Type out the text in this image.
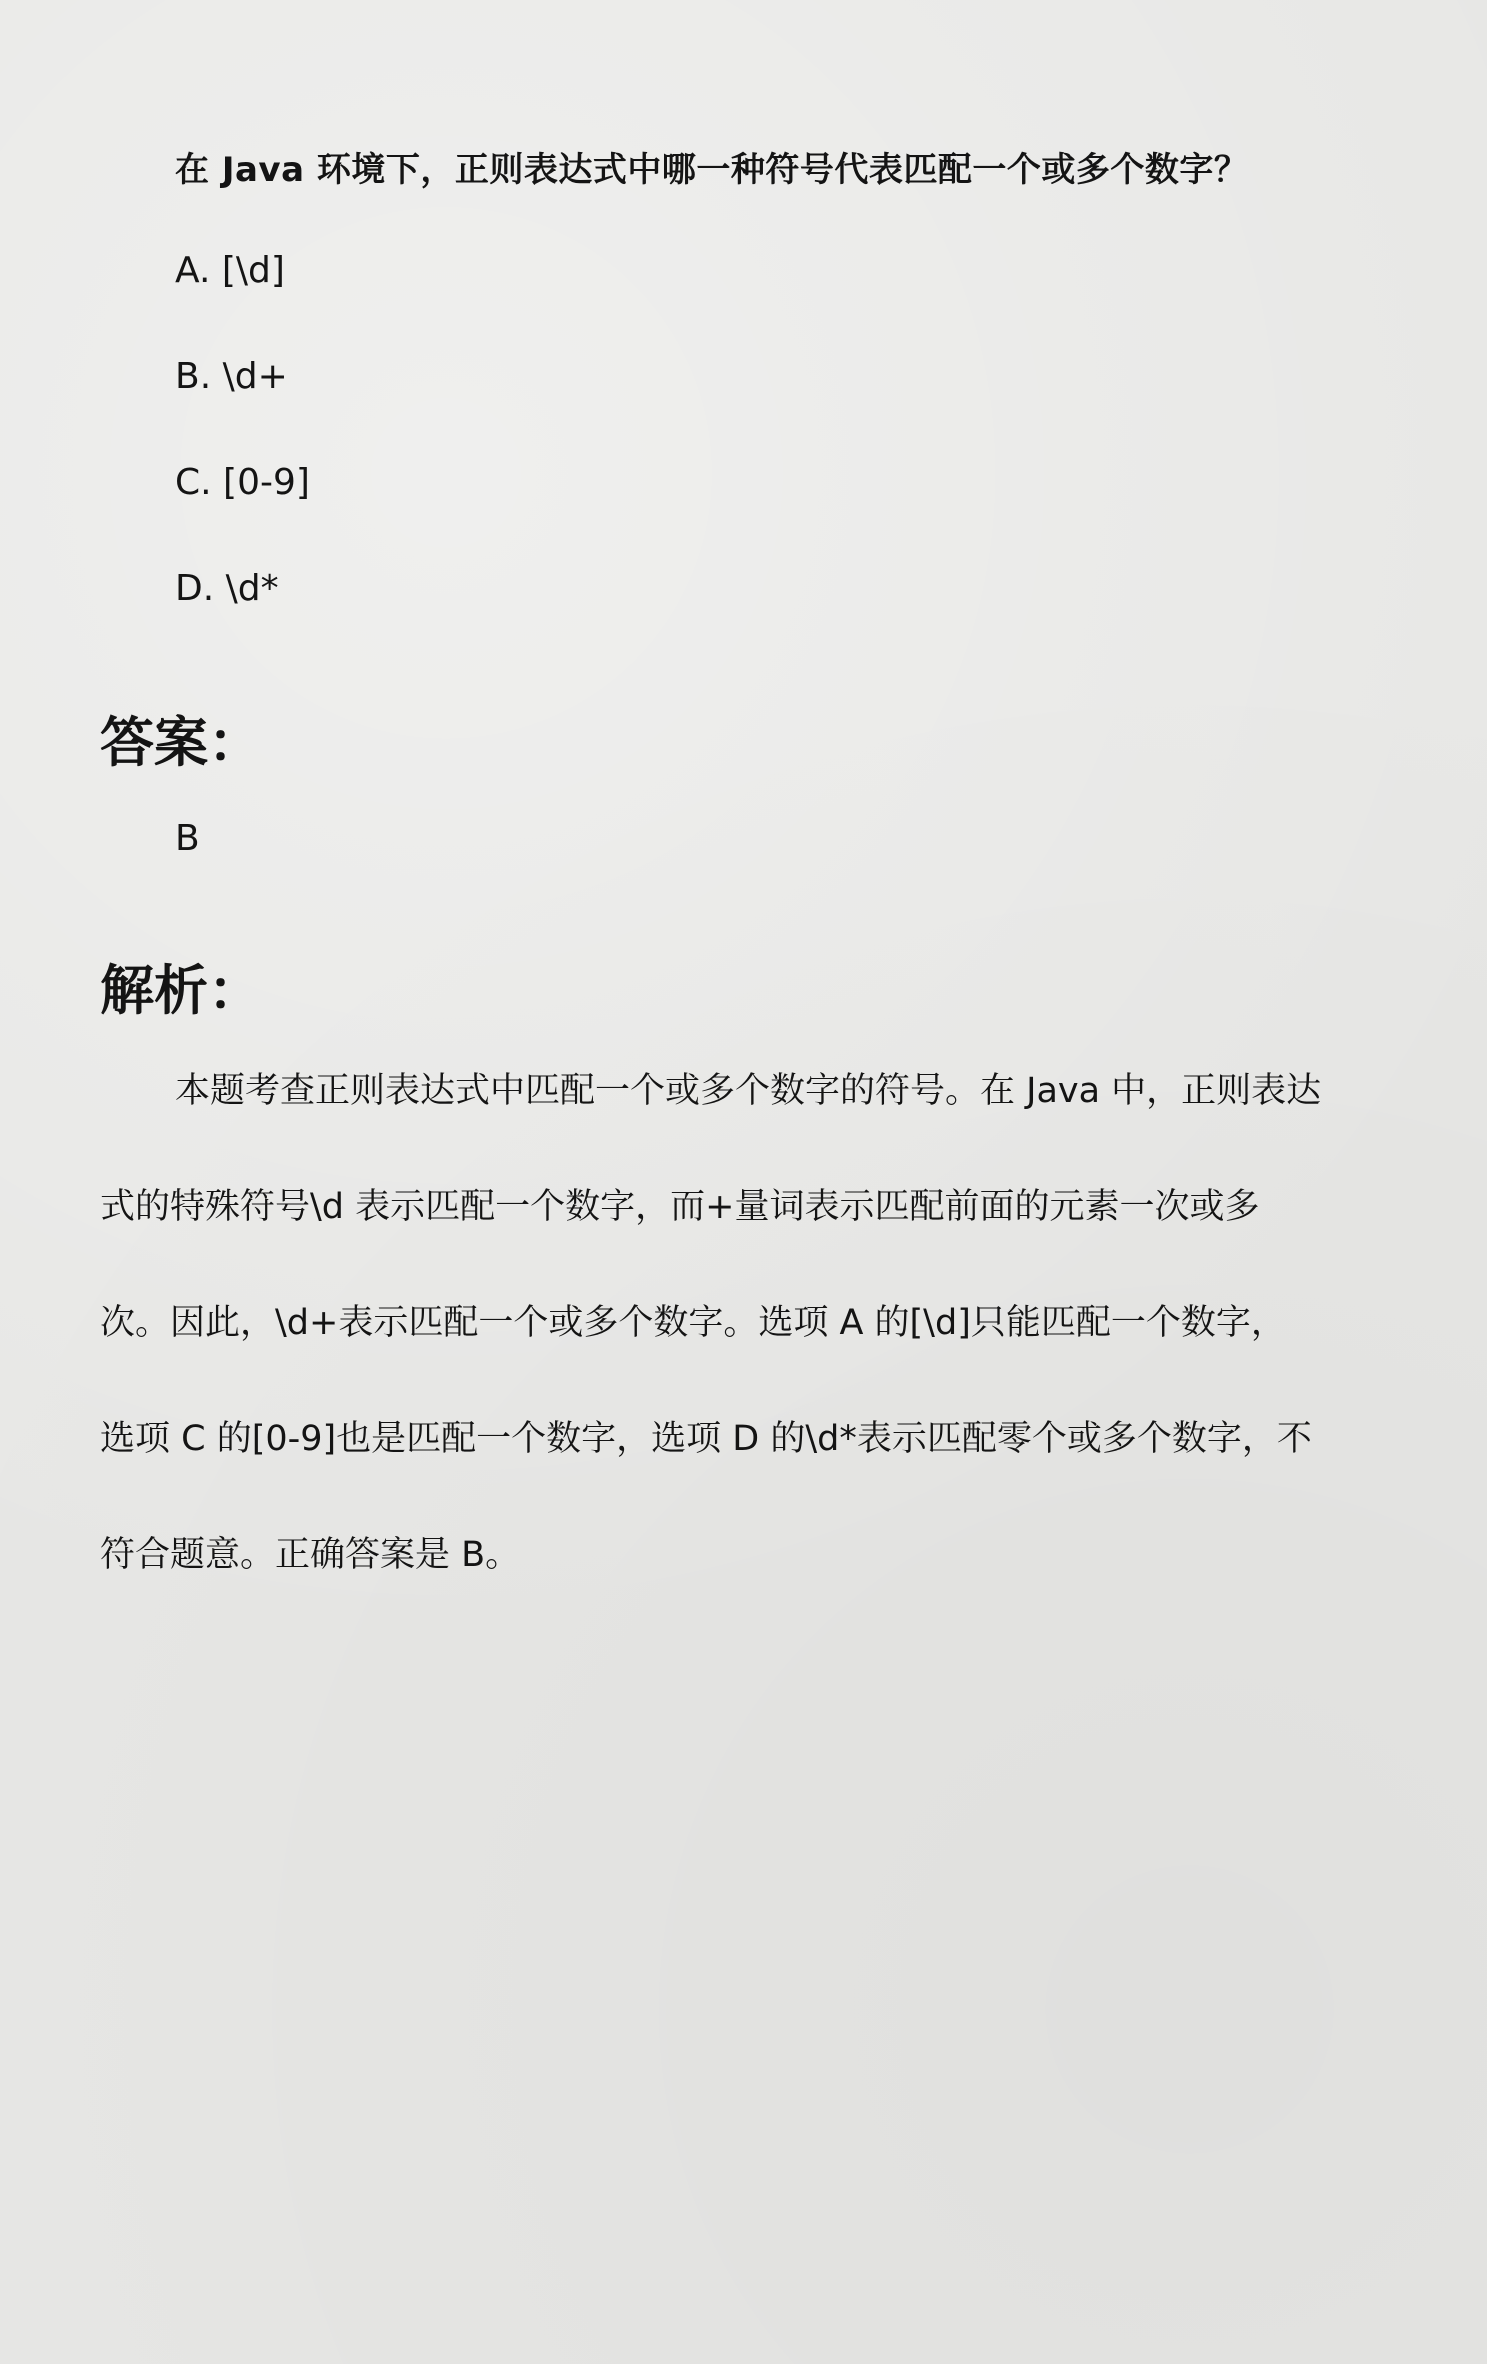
在 Java 环境下，正则表达式中哪一种符号代表匹配一个或多个数字？
A. [\d]
B. \d+
C. [0-9]
D. \d*
答案：
B
解析：
本题考查正则表达式中匹配一个或多个数字的符号。在 Java 中，正则表达
式的特殊符号\d 表示匹配一个数字，而+量词表示匹配前面的元素一次或多
次。因此，\d+表示匹配一个或多个数字。选项 A 的[\d]只能匹配一个数字，
选项 C 的[0-9]也是匹配一个数字，选项 D 的\d*表示匹配零个或多个数字，不
符合题意。正确答案是 B。
